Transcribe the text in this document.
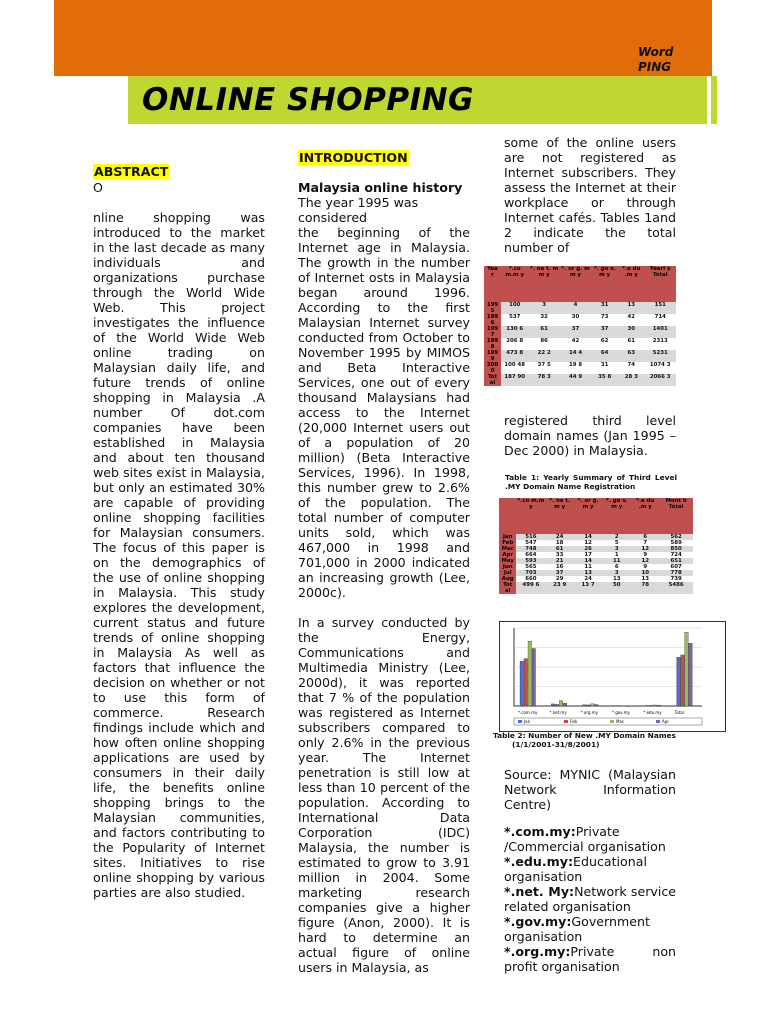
Word
PING
ONLINE SHOPPING
ABSTRACT
O

nline shopping was introduced to the market in the last decade as many individuals and organizations purchase through the World Wide Web. This project investigates the influence of the World Wide Web online trading on Malaysian daily life, and future trends of online shopping in Malaysia .A number Of dot.com companies have been established in Malaysia and about ten thousand web sites exist in Malaysia, but only an estimated 30% are capable of providing online shopping facilities for Malaysian consumers. The focus of this paper is on the demographics of the use of online shopping in Malaysia. This study explores the development, current status and future trends of online shopping in Malaysia As well as factors that influence the decision on whether or not to use this form of commerce. Research findings include which and how often online shopping applications are used by consumers in their daily life, the benefits online shopping brings to the Malaysian communities, and factors contributing to the Popularity of Internet sites. Initiatives to rise online shopping by various parties are also studied.

INTRODUCTION
Malaysia online history

The year 1995 was considered

the beginning of the Internet age in Malaysia. The growth in the number of Internet osts in Malaysia began around 1996. According to the first Malaysian Internet survey conducted from October to November 1995 by MIMOS and Beta Interactive Services, one out of every thousand Malaysians had access to the Internet (20,000 Internet users out of a population of 20 million) (Beta Interactive Services, 1996). In 1998, this number grew to 2.6% of the population. The total number of computer units sold, which was 467,000 in 1998 and 701,000 in 2000 indicated an increasing growth (Lee, 2000c).

In a survey conducted by the Energy, Communications and Multimedia Ministry (Lee, 2000d), it was reported that 7 % of the population was registered as Internet subscribers compared to only 2.6% in the previous year. The Internet penetration is still low at less than 10 percent of the population. According to International Data Corporation (IDC) Malaysia, the number is estimated to grow to 3.91 million in 2004. Some marketing research companies give a higher figure (Anon, 2000). It is hard to determine an actual figure of online users in Malaysia, as

some of the online users are not registered as Internet subscribers. They assess the Internet at their workplace or through Internet cafés. Tables 1and 2 indicate the total number of

Yea r	*.co m.m y	*. ne t. m m y	*. or g. m m y	*. go v. m y	*.e du .m y	Yearl y Total
199 5	100	3	4	31	13	151
199 6	537	32	30	73	42	714
199 7	130 6	61	37	37	30	1401
199 8	206 8	86	42	62	61	2313
199 9	473 8	22 2	14 4	64	63	5231
200 0	100 48	37 5	19 8	31	74	1074 3
Tot al	187 90	78 3	44 9	35 8	28 3	2066 3

registered third level domain names (Jan 1995 – Dec 2000) in Malaysia.

Table 1: Yearly Summary of Third Level .MY Domain Name Registration
	*.co m.m y	*. ne t. m y	*. or g. m y	*. go v. m y	*.e du .m y	Mont h Total
Jan	516	24	14	2	6	562
Feb	547	18	12	5	7	589
Mac	748	61	26	3	12	850
Apr	664	33	17	1	9	724
May	593	21	14	11	12	651
Jun	565	16	11	6	9	607
Jul	703	37	13	3	10	778
Aug	660	29	24	13	13	739
Tot al	499 6	23 9	13 7	50	78	5486
*.com.my	*.net.my	*.org.my	*.gov.my	*.edu.my	Total
Jan	Feb	Mac	Apr
Table 2: Number of New .MY Domain Names
(1/1/2001-31/8/2001)

Source: MYNIC (Malaysian Network Information Centre)

*.com.my:Private /Commercial organisation

*.edu.my:Educational organisation

*.net. My:Network service related organisation

*.gov.my:Government organisation

*.org.my:Private non profit organisation
